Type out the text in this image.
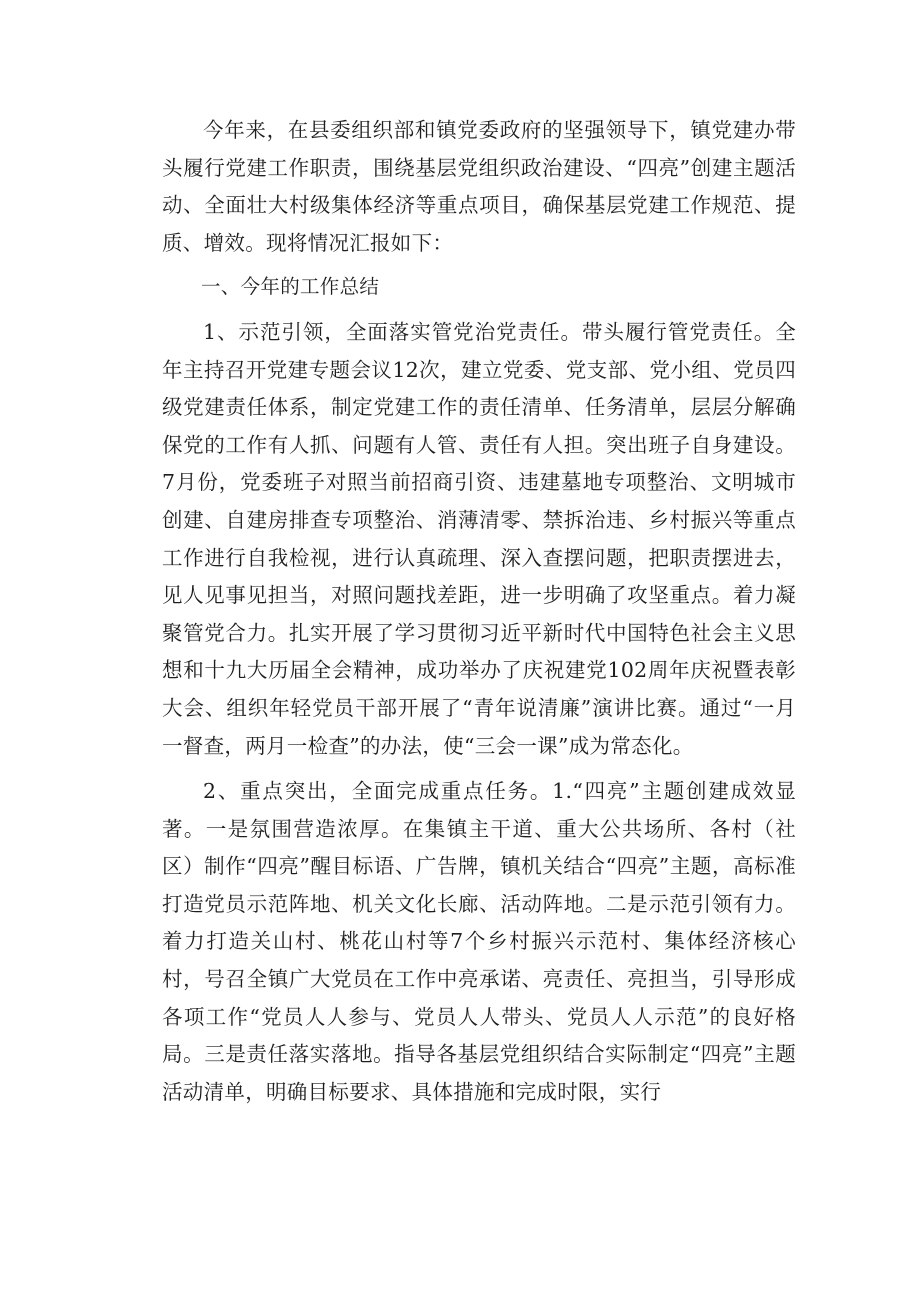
今年来，在县委组织部和镇党委政府的坚强领导下，镇党建办带头履行党建工作职责，围绕基层党组织政治建设、“四亮”创建主题活动、全面壮大村级集体经济等重点项目，确保基层党建工作规范、提质、增效。现将情况汇报如下：

一、今年的工作总结

1、示范引领，全面落实管党治党责任。带头履行管党责任。全年主持召开党建专题会议12次，建立党委、党支部、党小组、党员四级党建责任体系，制定党建工作的责任清单、任务清单，层层分解确保党的工作有人抓、问题有人管、责任有人担。突出班子自身建设。7月份，党委班子对照当前招商引资、违建墓地专项整治、文明城市创建、自建房排查专项整治、消薄清零、禁拆治违、乡村振兴等重点工作进行自我检视，进行认真疏理、深入查摆问题，把职责摆进去，见人见事见担当，对照问题找差距，进一步明确了攻坚重点。着力凝聚管党合力。扎实开展了学习贯彻习近平新时代中国特色社会主义思想和十九大历届全会精神，成功举办了庆祝建党102周年庆祝暨表彰大会、组织年轻党员干部开展了“青年说清廉”演讲比赛。通过“一月一督查，两月一检查”的办法，使“三会一课”成为常态化。

2、重点突出，全面完成重点任务。1.“四亮”主题创建成效显著。一是氛围营造浓厚。在集镇主干道、重大公共场所、各村（社区）制作“四亮”醒目标语、广告牌，镇机关结合“四亮”主题，高标准打造党员示范阵地、机关文化长廊、活动阵地。二是示范引领有力。着力打造关山村、桃花山村等7个乡村振兴示范村、集体经济核心村，号召全镇广大党员在工作中亮承诺、亮责任、亮担当，引导形成各项工作“党员人人参与、党员人人带头、党员人人示范”的良好格局。三是责任落实落地。指导各基层党组织结合实际制定“四亮”主题活动清单，明确目标要求、具体措施和完成时限，实行
